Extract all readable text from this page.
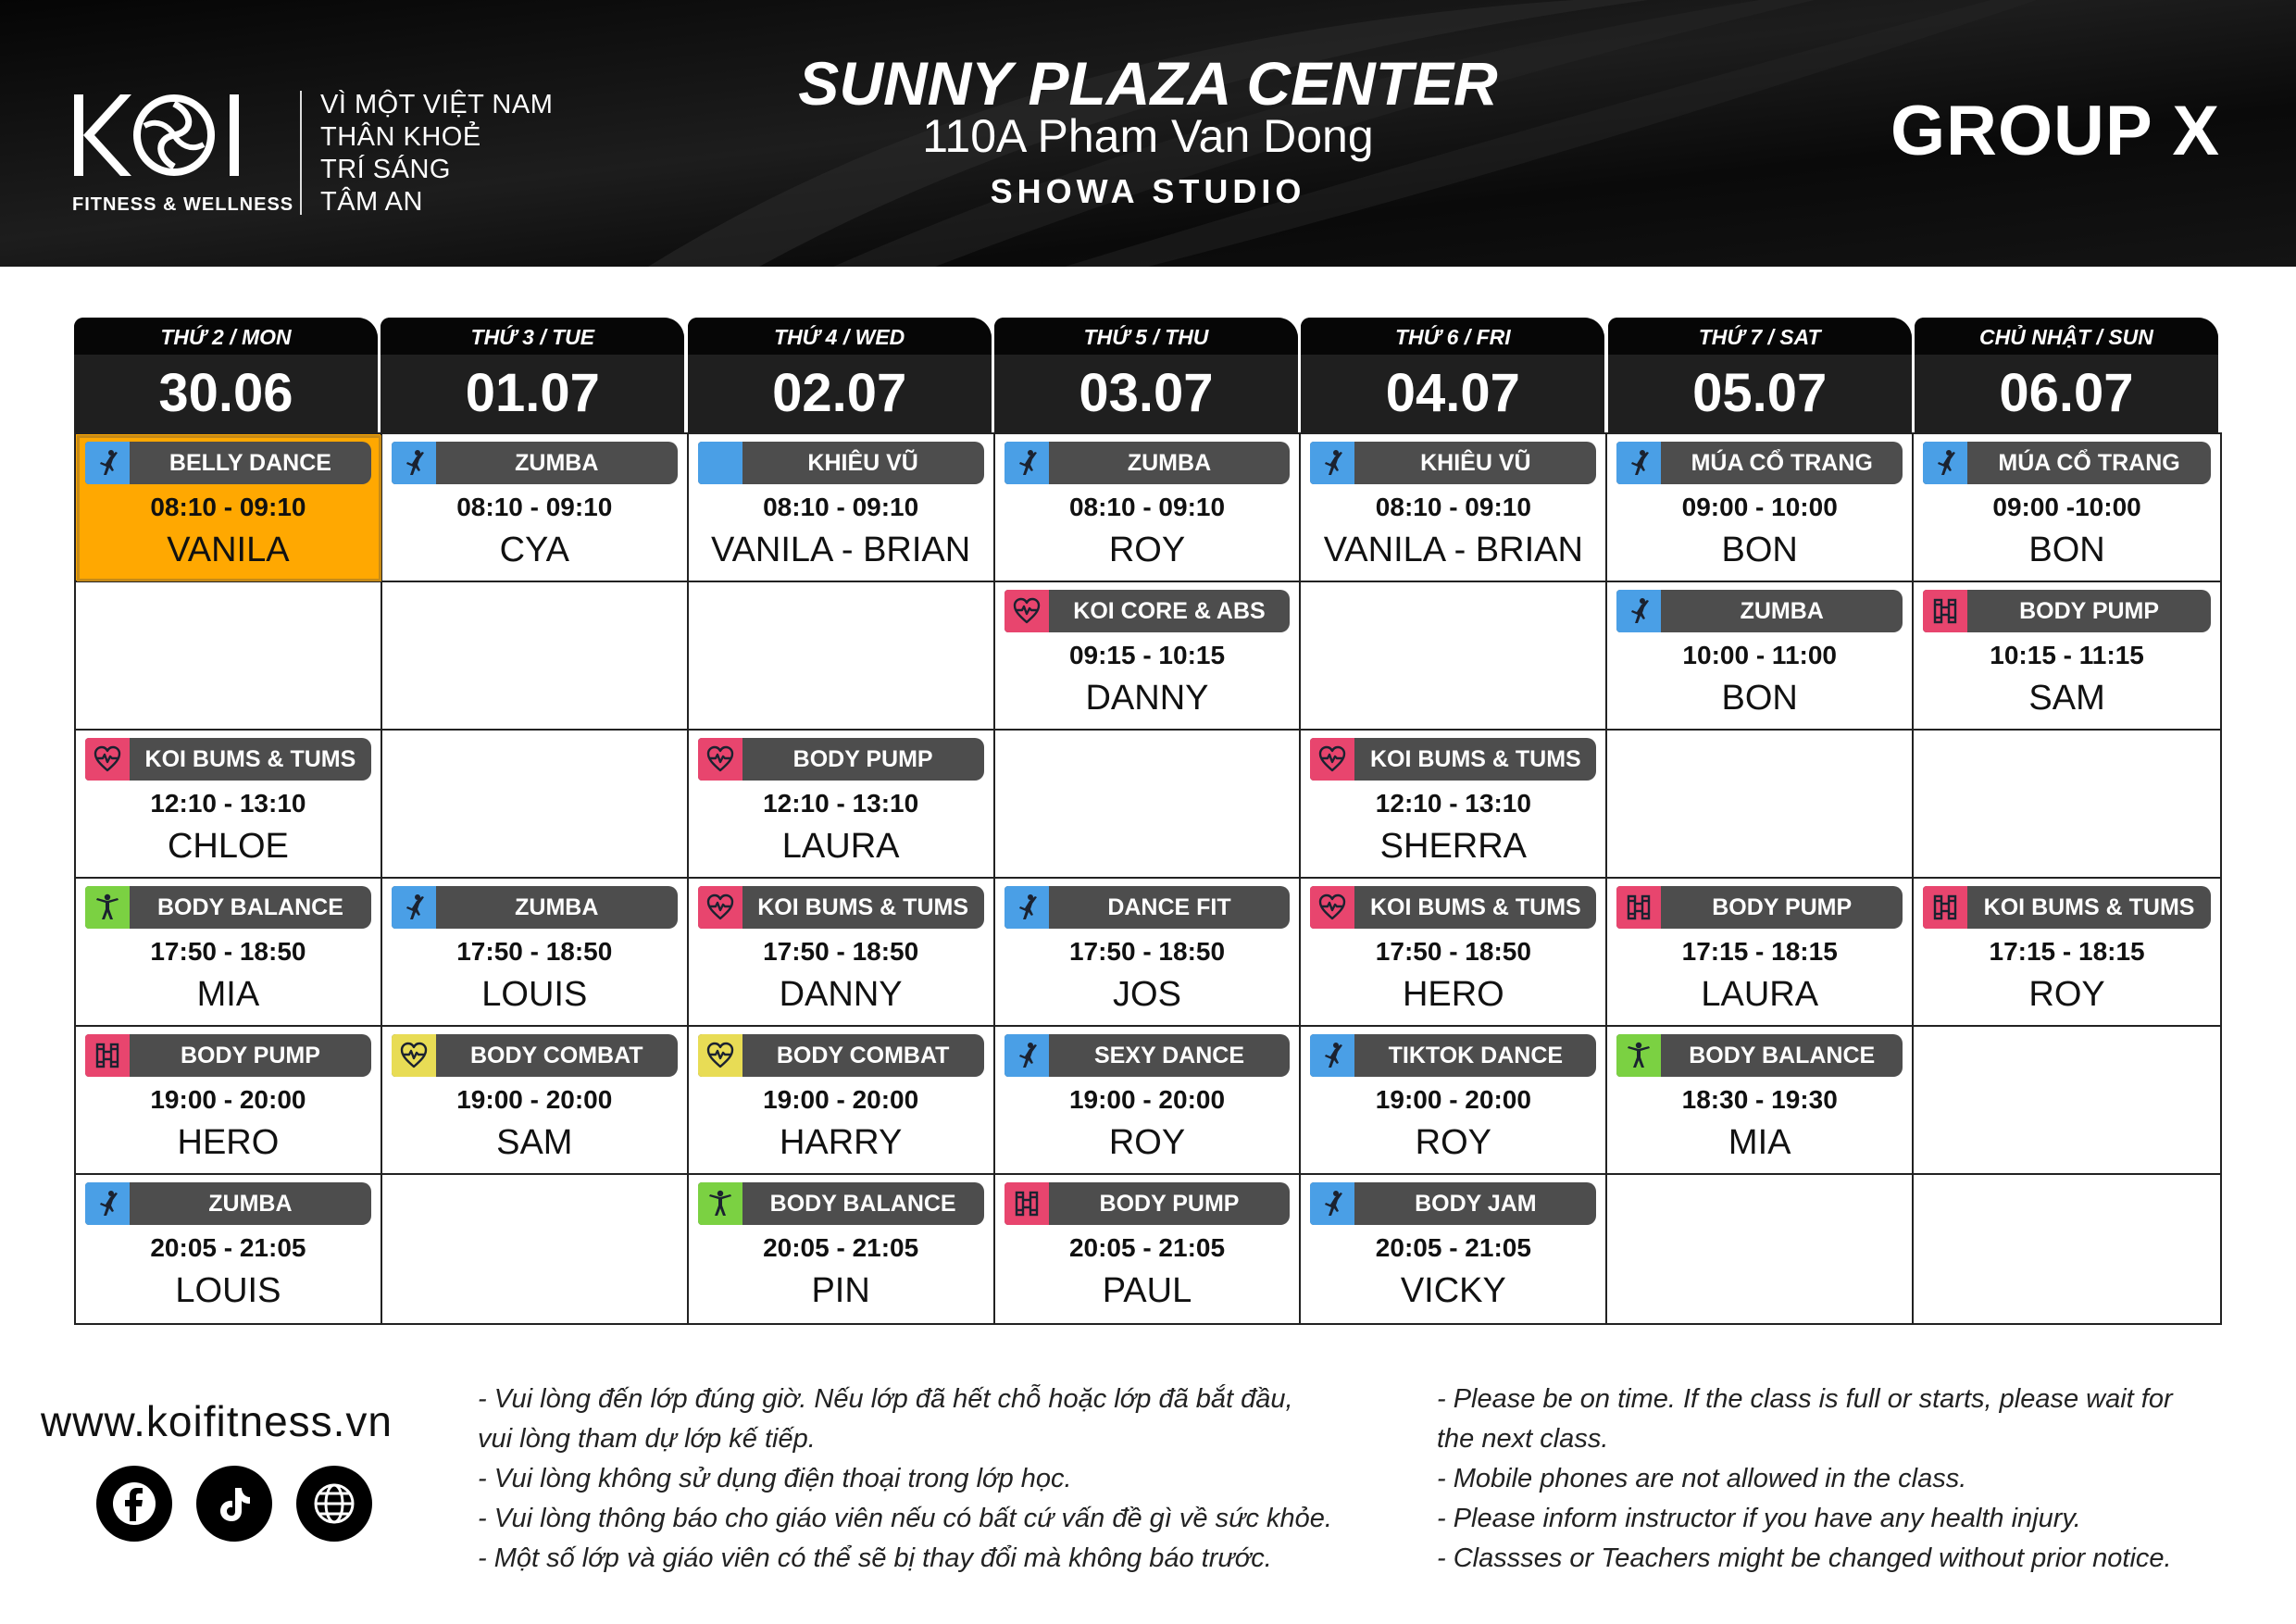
FITNESS & WELLNESS
VÌ MỘT VIỆT NAM
THÂN KHOẺ
TRÍ SÁNG
TÂM AN
SUNNY PLAZA CENTER
110A Pham Van Dong
SHOWA STUDIO
GROUP X
THỨ 2 / MON
30.06
THỨ 3 / TUE
01.07
THỨ 4 / WED
02.07
THỨ 5 / THU
03.07
THỨ 6 / FRI
04.07
THỨ 7 / SAT
05.07
CHỦ NHẬT / SUN
06.07
BELLY DANCE
08:10 - 09:10
VANILA
ZUMBA
08:10 - 09:10
CYA
KHIÊU VŨ
08:10 - 09:10
VANILA - BRIAN
ZUMBA
08:10 - 09:10
ROY
KHIÊU VŨ
08:10 - 09:10
VANILA - BRIAN
MÚA CỔ TRANG
09:00 - 10:00
BON
MÚA CỔ TRANG
09:00 -10:00
BON
KOI CORE & ABS
09:15 - 10:15
DANNY
ZUMBA
10:00 - 11:00
BON
BODY PUMP
10:15 - 11:15
SAM
KOI BUMS & TUMS
12:10 - 13:10
CHLOE
BODY PUMP
12:10 - 13:10
LAURA
KOI BUMS & TUMS
12:10 - 13:10
SHERRA
BODY BALANCE
17:50 - 18:50
MIA
ZUMBA
17:50 - 18:50
LOUIS
KOI BUMS & TUMS
17:50 - 18:50
DANNY
DANCE FIT
17:50 - 18:50
JOS
KOI BUMS & TUMS
17:50 - 18:50
HERO
BODY PUMP
17:15 - 18:15
LAURA
KOI BUMS & TUMS
17:15 - 18:15
ROY
BODY PUMP
19:00 - 20:00
HERO
BODY COMBAT
19:00 - 20:00
SAM
BODY COMBAT
19:00 - 20:00
HARRY
SEXY DANCE
19:00 - 20:00
ROY
TIKTOK DANCE
19:00 - 20:00
ROY
BODY BALANCE
18:30 - 19:30
MIA
ZUMBA
20:05 - 21:05
LOUIS
BODY BALANCE
20:05 - 21:05
PIN
BODY PUMP
20:05 - 21:05
PAUL
BODY JAM
20:05 - 21:05
VICKY
www.koifitness.vn	- Vui lòng đến lớp đúng giờ. Nếu lớp đã hết chỗ hoặc lớp đã bắt đầu,
vui lòng tham dự lớp kế tiếp.
- Vui lòng không sử dụng điện thoại trong lớp học.
- Vui lòng thông báo cho giáo viên nếu có bất cứ vấn đề gì về sức khỏe.
- Một số lớp và giáo viên có thể sẽ bị thay đổi mà không báo trước.
- Please be on time. If the class is full or starts, please wait for
the next class.
- Mobile phones are not allowed in the class.
- Please inform instructor if you have any health injury.
- Classses or Teachers might be changed without prior notice.
